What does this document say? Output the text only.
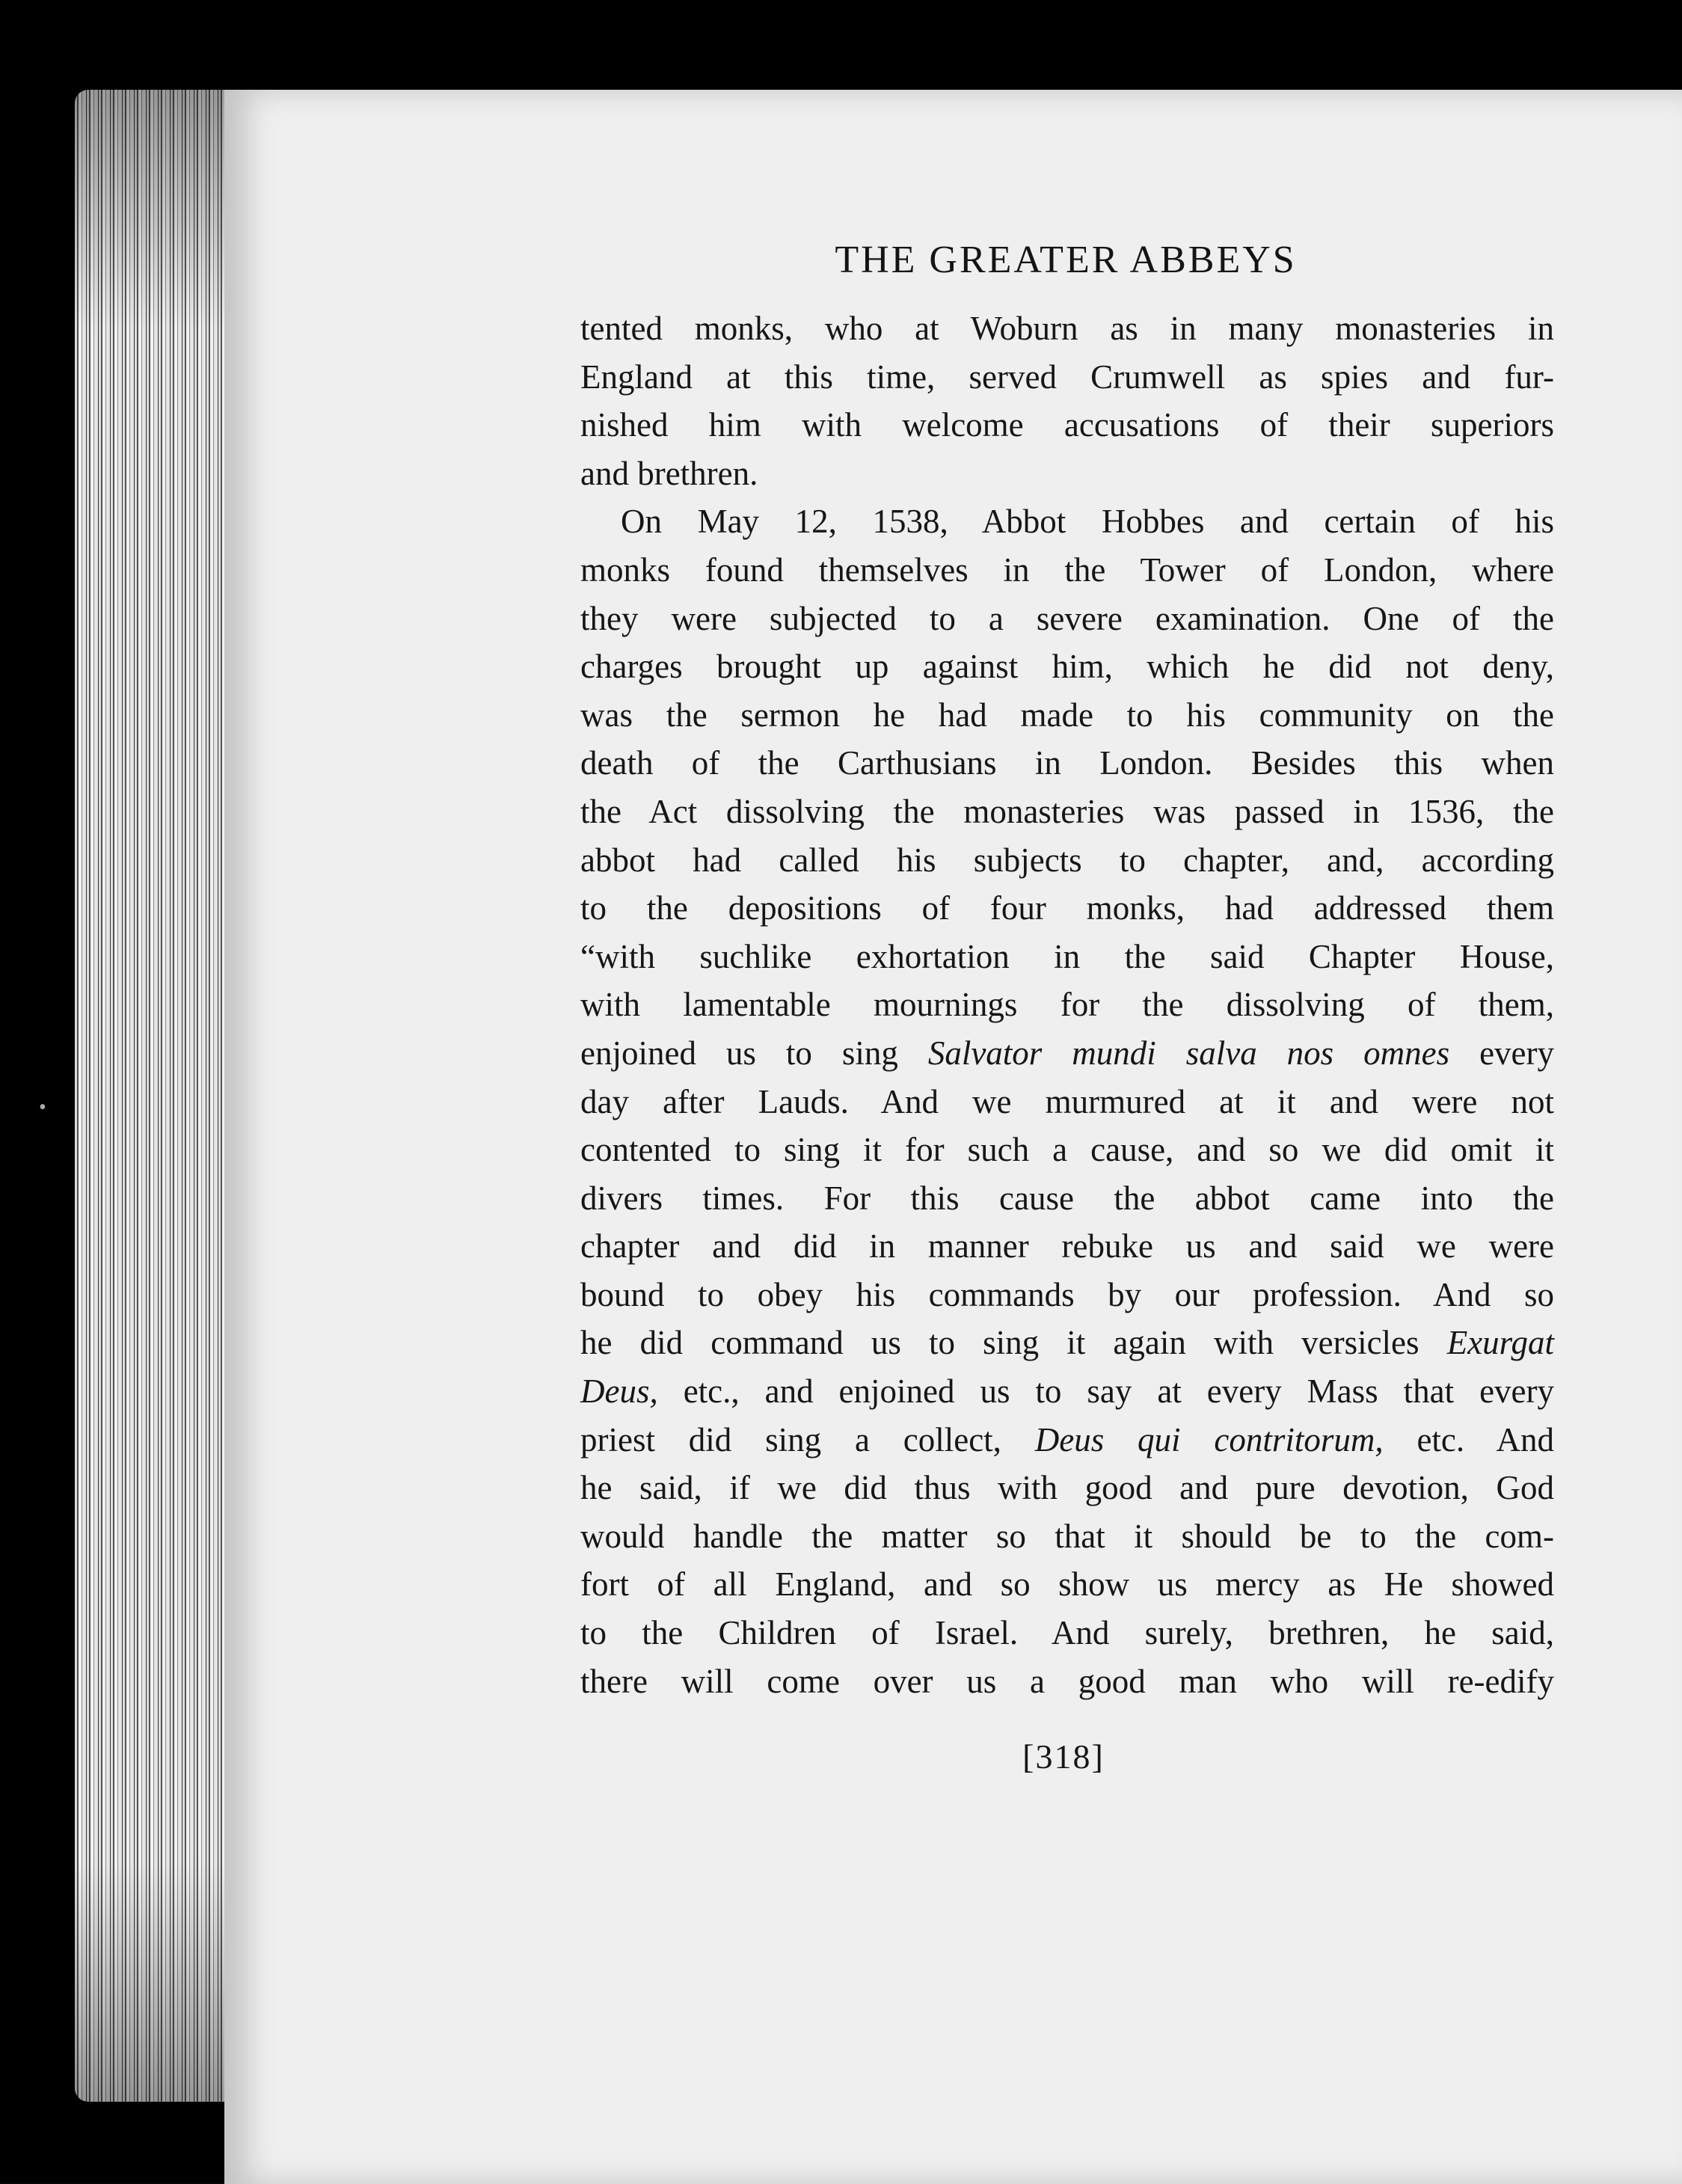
•
THE GREATER ABBEYS
tented monks, who at Woburn as in many monasteries in
England at this time, served Crumwell as spies and fur-
nished him with welcome accusations of their superiors
and brethren.
On May 12, 1538, Abbot Hobbes and certain of his
monks found themselves in the Tower of London, where
they were subjected to a severe examination. One of the
charges brought up against him, which he did not deny,
was the sermon he had made to his community on the
death of the Carthusians in London. Besides this when
the Act dissolving the monasteries was passed in 1536, the
abbot had called his subjects to chapter, and, according
to the depositions of four monks, had addressed them
“with suchlike exhortation in the said Chapter House,
with lamentable mournings for the dissolving of them,
enjoined us to sing Salvator mundi salva nos omnes every
day after Lauds. And we murmured at it and were not
contented to sing it for such a cause, and so we did omit it
divers times. For this cause the abbot came into the
chapter and did in manner rebuke us and said we were
bound to obey his commands by our profession. And so
he did command us to sing it again with versicles Exurgat
Deus, etc., and enjoined us to say at every Mass that every
priest did sing a collect, Deus qui contritorum, etc. And
he said, if we did thus with good and pure devotion, God
would handle the matter so that it should be to the com-
fort of all England, and so show us mercy as He showed
to the Children of Israel. And surely, brethren, he said,
there will come over us a good man who will re-edify
[318]
